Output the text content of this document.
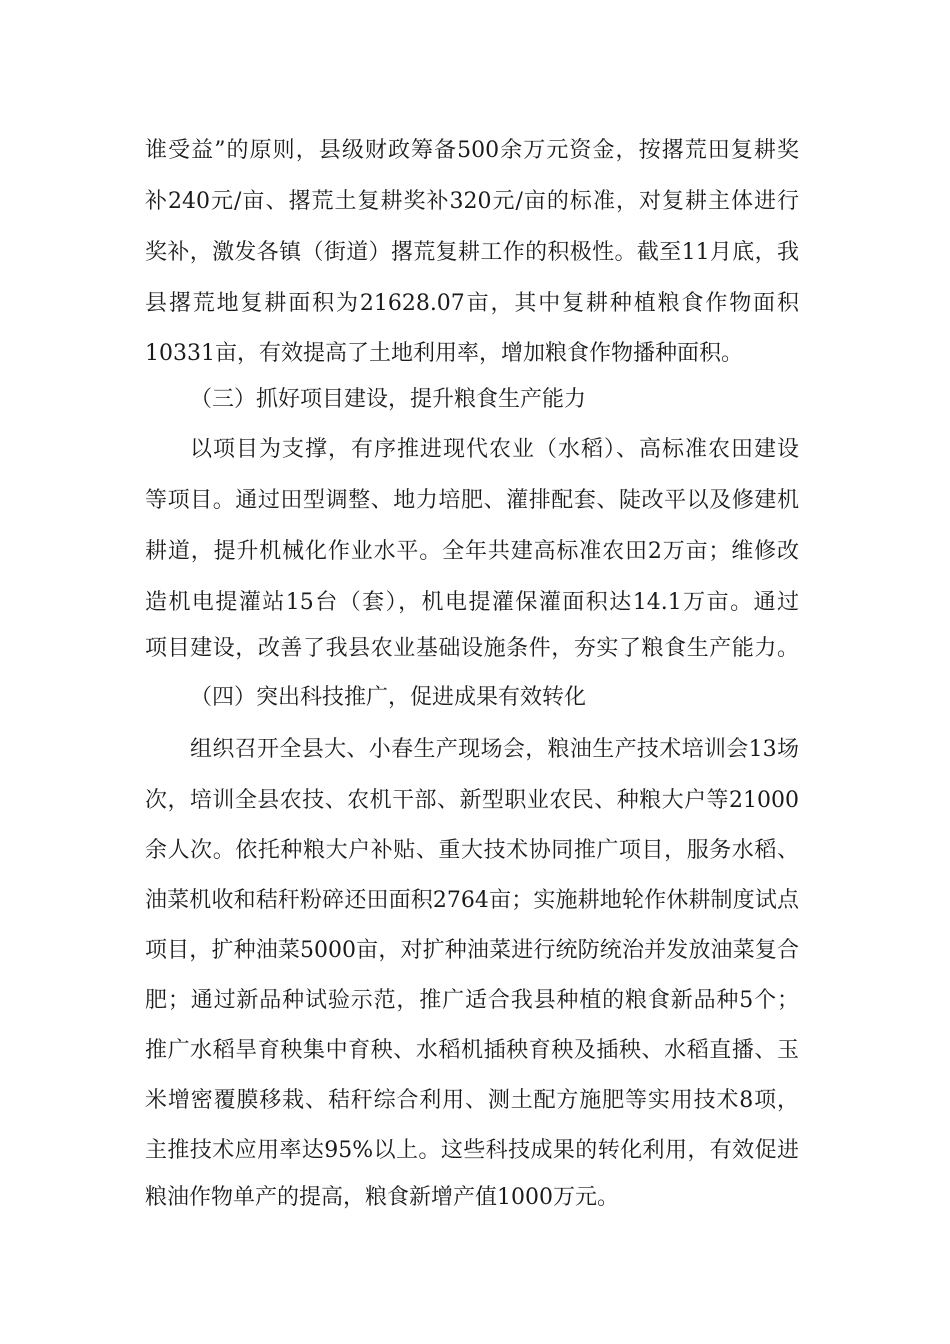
谁受益”的原则，县级财政筹备500余万元资金，按撂荒田复耕奖
补240元/亩、撂荒土复耕奖补320元/亩的标准，对复耕主体进行
奖补，激发各镇（街道）撂荒复耕工作的积极性。截至11月底，我
县撂荒地复耕面积为21628.07亩，其中复耕种植粮食作物面积
10331亩，有效提高了土地利用率，增加粮食作物播种面积。
（三）抓好项目建设，提升粮食生产能力
以项目为支撑，有序推进现代农业（水稻）、高标准农田建设
等项目。通过田型调整、地力培肥、灌排配套、陡改平以及修建机
耕道，提升机械化作业水平。全年共建高标准农田2万亩；维修改
造机电提灌站15台（套），机电提灌保灌面积达14.1万亩。通过
项目建设，改善了我县农业基础设施条件，夯实了粮食生产能力。
（四）突出科技推广，促进成果有效转化
组织召开全县大、小春生产现场会，粮油生产技术培训会13场
次，培训全县农技、农机干部、新型职业农民、种粮大户等21000
余人次。依托种粮大户补贴、重大技术协同推广项目，服务水稻、
油菜机收和秸秆粉碎还田面积2764亩；实施耕地轮作休耕制度试点
项目，扩种油菜5000亩，对扩种油菜进行统防统治并发放油菜复合
肥；通过新品种试验示范，推广适合我县种植的粮食新品种5个；
推广水稻旱育秧集中育秧、水稻机插秧育秧及插秧、水稻直播、玉
米增密覆膜移栽、秸秆综合利用、测土配方施肥等实用技术8项，
主推技术应用率达95%以上。这些科技成果的转化利用，有效促进
粮油作物单产的提高，粮食新增产值1000万元。
